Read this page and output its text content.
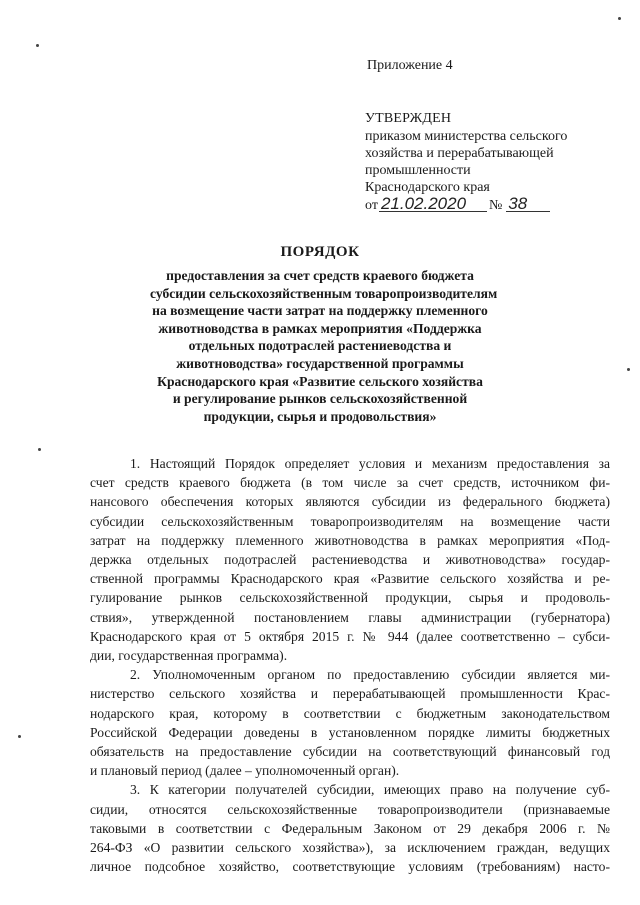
Приложение 4
УТВЕРЖДЕН
приказом министерства сельского
хозяйства и перерабатывающей
промышленности
Краснодарского края
от 21.02.2020	№ 38
ПОРЯДОК
предоставления за счет средств краевого бюджета
субсидии сельскохозяйственным товаропроизводителям
на возмещение части затрат на поддержку племенного
животноводства в рамках мероприятия «Поддержка
отдельных подотраслей растениеводства и
животноводства» государственной программы
Краснодарского края «Развитие сельского хозяйства
и регулирование рынков сельскохозяйственной
продукции, сырья и продовольствия»
1. Настоящий Порядок определяет условия и механизм предоставления за
счет средств краевого бюджета (в том числе за счет средств, источником фи-
нансового обеспечения которых являются субсидии из федерального бюджета)
субсидии сельскохозяйственным товаропроизводителям на возмещение части
затрат на поддержку племенного животноводства в рамках мероприятия «Под-
держка отдельных подотраслей растениеводства и животноводства» государ-
ственной программы Краснодарского края «Развитие сельского хозяйства и ре-
гулирование рынков сельскохозяйственной продукции, сырья и продоволь-
ствия», утвержденной постановлением главы администрации (губернатора)
Краснодарского края от 5 октября 2015 г. № 944 (далее соответственно – субси-
дии, государственная программа).
2. Уполномоченным органом по предоставлению субсидии является ми-
нистерство сельского хозяйства и перерабатывающей промышленности Крас-
нодарского края, которому в соответствии с бюджетным законодательством
Российской Федерации доведены в установленном порядке лимиты бюджетных
обязательств на предоставление субсидии на соответствующий финансовый год
и плановый период (далее – уполномоченный орган).
3. К категории получателей субсидии, имеющих право на получение суб-
сидии, относятся сельскохозяйственные товаропроизводители (признаваемые
таковыми в соответствии с Федеральным Законом от 29 декабря 2006 г. №
264-ФЗ «О развитии сельского хозяйства»), за исключением граждан, ведущих
личное подсобное хозяйство, соответствующие условиям (требованиям) насто-
